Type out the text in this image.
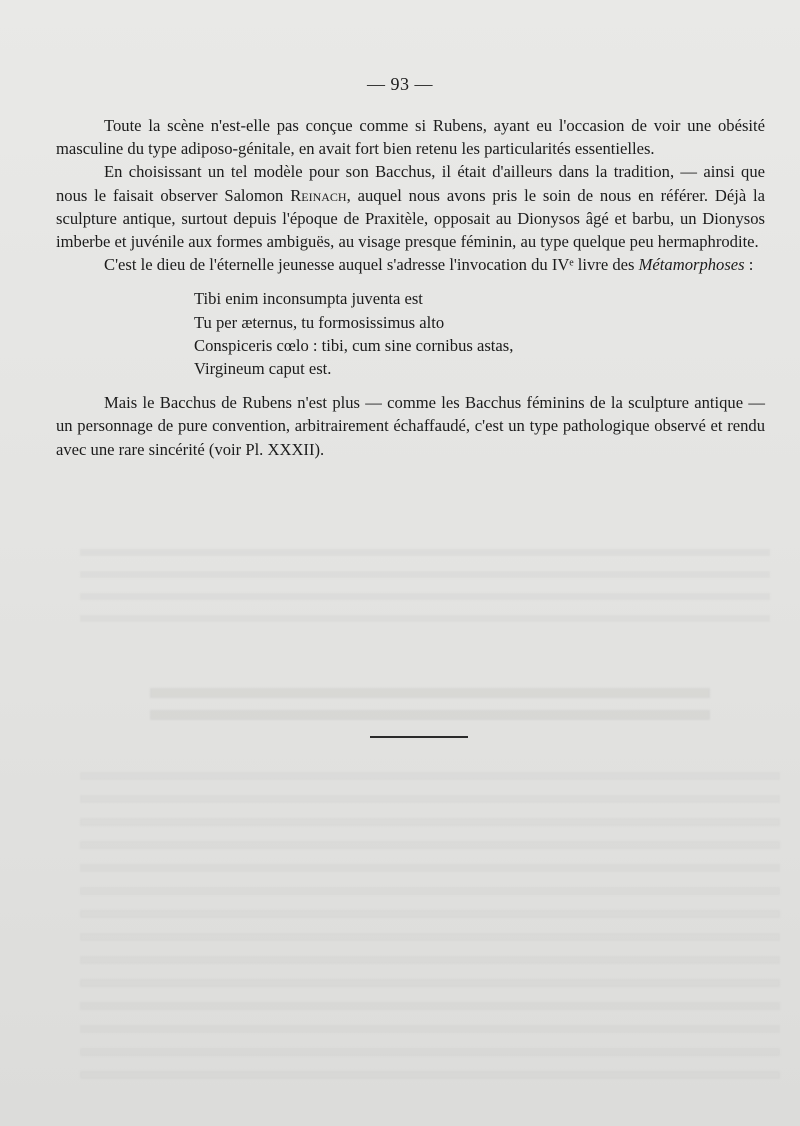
— 93 —

Toute la scène n'est-elle pas conçue comme si Rubens, ayant eu l'occasion de voir une obésité masculine du type adiposo-génitale, en avait fort bien retenu les particularités essentielles.

En choisissant un tel modèle pour son Bacchus, il était d'ailleurs dans la tradition, — ainsi que nous le faisait observer Salomon Reinach, auquel nous avons pris le soin de nous en référer. Déjà la sculpture antique, surtout depuis l'époque de Praxitèle, opposait au Dionysos âgé et barbu, un Dionysos imberbe et juvénile aux formes ambiguës, au visage presque féminin, au type quelque peu hermaphrodite.

C'est le dieu de l'éternelle jeunesse auquel s'adresse l'invocation du IVᵉ livre des Métamorphoses :

Tibi enim inconsumpta juventa est
Tu per æternus, tu formosissimus alto
Conspiceris cœlo : tibi, cum sine cornibus astas,
Virgineum caput est.

Mais le Bacchus de Rubens n'est plus — comme les Bacchus féminins de la sculpture antique — un personnage de pure convention, arbitrairement échaffaudé, c'est un type pathologique observé et rendu avec une rare sincérité (voir Pl. XXXII).
